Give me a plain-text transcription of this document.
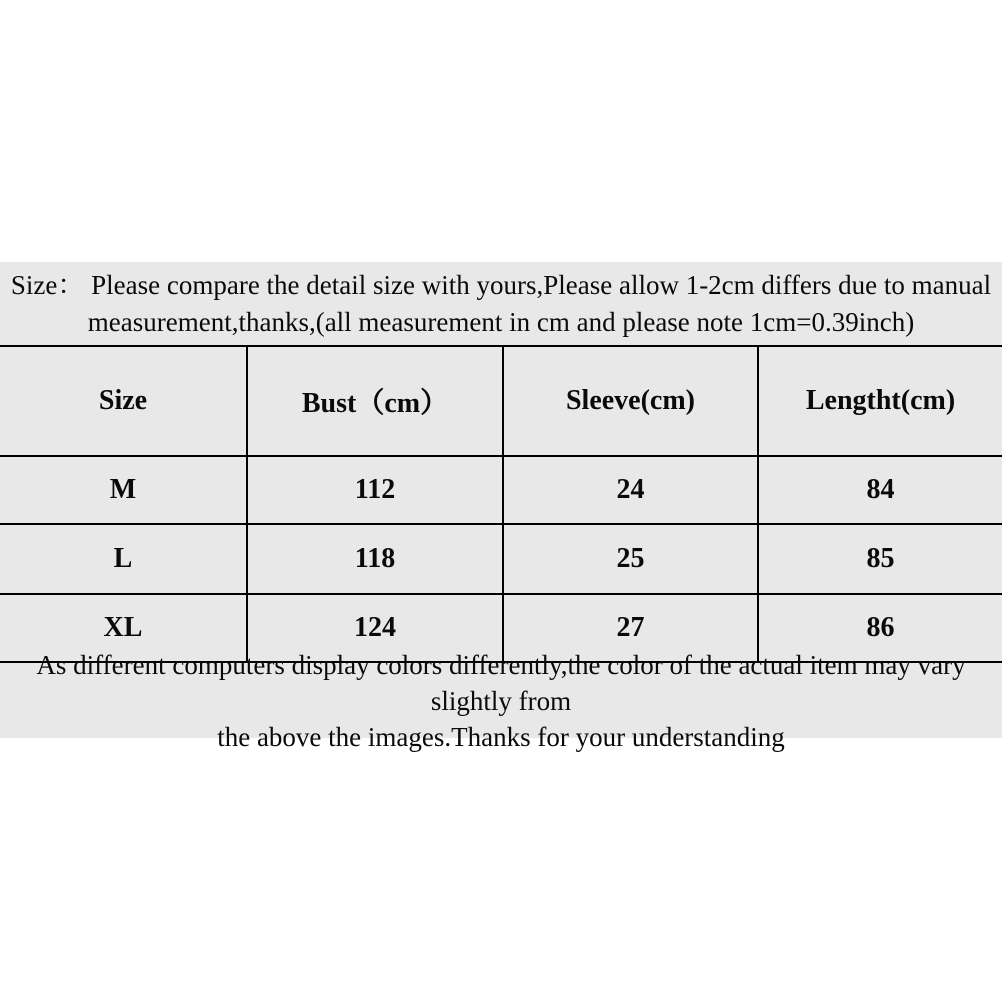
Size： Please compare the detail size with yours,Please allow 1-2cm differs due to manual
measurement,thanks,(all measurement in cm and please note 1cm=0.39inch)
Size	Bust（cm）	Sleeve(cm)	Lengtht(cm)
M	112	24	84
L	118	25	85
XL	124	27	86
As different computers display colors differently,the color of the actual item may vary slightly from
the above the images.Thanks for your understanding
